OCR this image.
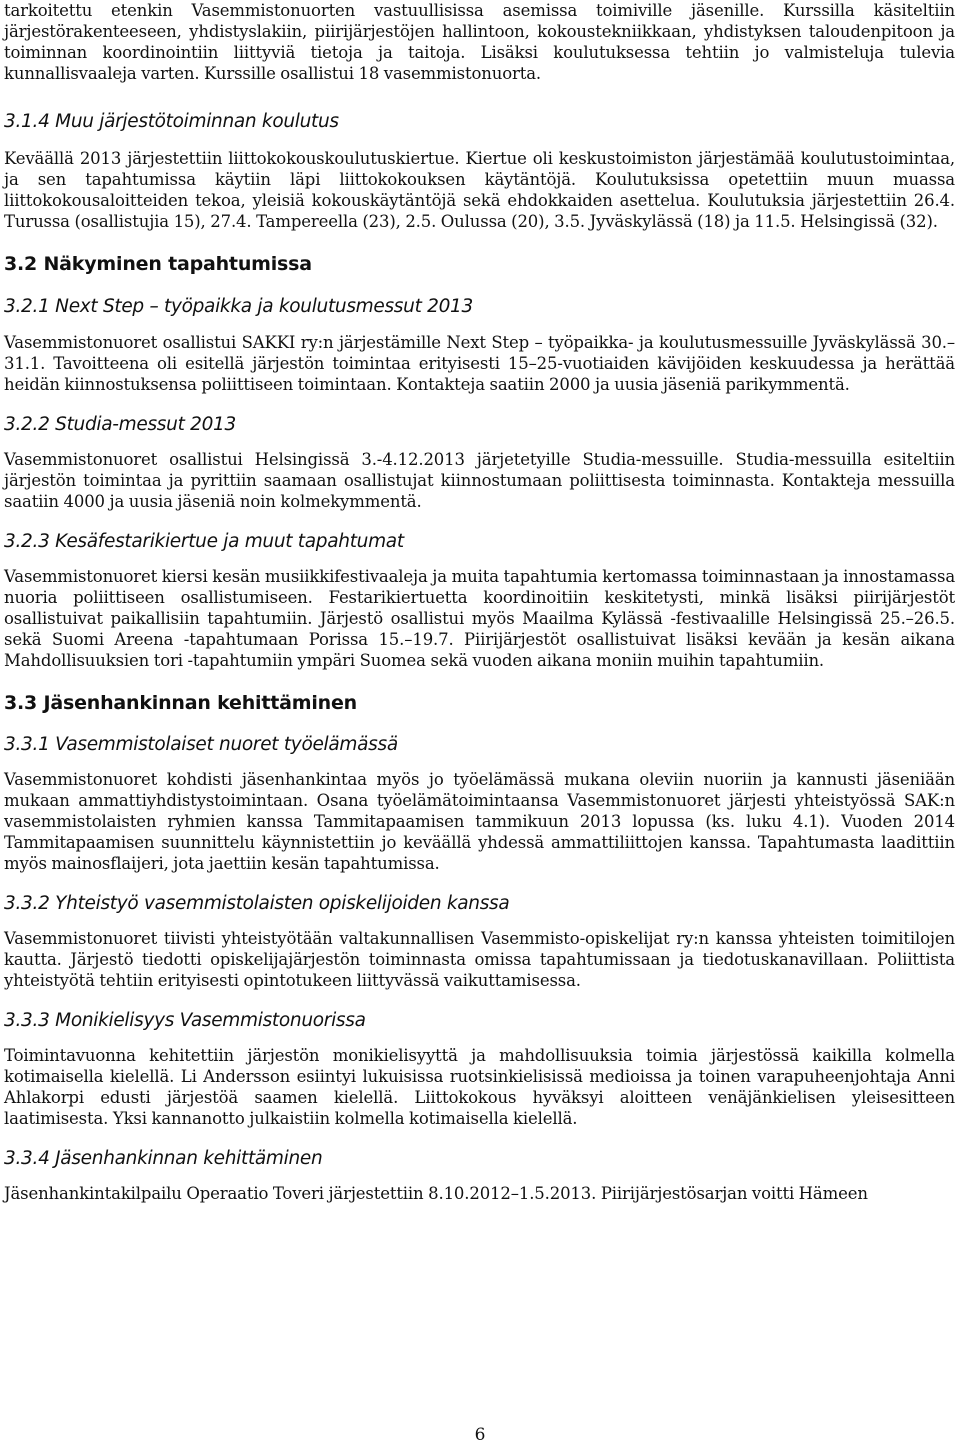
tarkoitettu etenkin Vasemmistonuorten vastuullisissa asemissa toimiville jäsenille. Kurssilla käsiteltiin järjestörakenteeseen, yhdistyslakiin, piirijärjestöjen hallintoon, kokoustekniikkaan, yhdistyksen taloudenpitoon ja toiminnan koordinointiin liittyviä tietoja ja taitoja. Lisäksi koulutuksessa tehtiin jo valmisteluja tulevia kunnallisvaaleja varten. Kurssille osallistui 18 vasemmistonuorta.

3.1.4 Muu järjestötoiminnan koulutus

Keväällä 2013 järjestettiin liittokokouskoulutuskiertue. Kiertue oli keskustoimiston järjestämää koulutustoimintaa, ja sen tapahtumissa käytiin läpi liittokokouksen käytäntöjä. Koulutuksissa opetettiin muun muassa liittokokousaloitteiden tekoa, yleisiä kokouskäytäntöjä sekä ehdokkaiden asettelua. Koulutuksia järjestettiin 26.4. Turussa (osallistujia 15), 27.4. Tampereella (23), 2.5. Oulussa (20), 3.5. Jyväskylässä (18) ja 11.5. Helsingissä (32).

3.2 Näkyminen tapahtumissa
3.2.1 Next Step – työpaikka ja koulutusmessut 2013

Vasemmistonuoret osallistui SAKKI ry:n järjestämille Next Step – työpaikka- ja koulutusmessuille Jyväskylässä 30.–31.1. Tavoitteena oli esitellä järjestön toimintaa erityisesti 15–25-vuotiaiden kävijöiden keskuudessa ja herättää heidän kiinnostuksensa poliittiseen toimintaan. Kontakteja saatiin 2000 ja uusia jäseniä parikymmentä.

3.2.2 Studia-messut 2013

Vasemmistonuoret osallistui Helsingissä 3.-4.12.2013 järjetetyille Studia-messuille. Studia-messuilla esiteltiin järjestön toimintaa ja pyrittiin saamaan osallistujat kiinnostumaan poliittisesta toiminnasta. Kontakteja messuilla saatiin 4000 ja uusia jäseniä noin kolmekymmentä.

3.2.3 Kesäfestarikiertue ja muut tapahtumat

Vasemmistonuoret kiersi kesän musiikkifestivaaleja ja muita tapahtumia kertomassa toiminnastaan ja innostamassa nuoria poliittiseen osallistumiseen. Festarikiertuetta koordinoitiin keskitetysti, minkä lisäksi piirijärjestöt osallistuivat paikallisiin tapahtumiin. Järjestö osallistui myös Maailma Kylässä -festivaalille Helsingissä 25.–26.5. sekä Suomi Areena -tapahtumaan Porissa 15.–19.7. Piirijärjestöt osallistuivat lisäksi kevään ja kesän aikana Mahdollisuuksien tori -tapahtumiin ympäri Suomea sekä vuoden aikana moniin muihin tapahtumiin.

3.3 Jäsenhankinnan kehittäminen
3.3.1 Vasemmistolaiset nuoret työelämässä

Vasemmistonuoret kohdisti jäsenhankintaa myös jo työelämässä mukana oleviin nuoriin ja kannusti jäseniään mukaan ammattiyhdistystoimintaan. Osana työelämätoimintaansa Vasemmistonuoret järjesti yhteistyössä SAK:n vasemmistolaisten ryhmien kanssa Tammitapaamisen tammikuun 2013 lopussa (ks. luku 4.1). Vuoden 2014 Tammitapaamisen suunnittelu käynnistettiin jo keväällä yhdessä ammattiliittojen kanssa. Tapahtumasta laadittiin myös mainosflaijeri, jota jaettiin kesän tapahtumissa.

3.3.2 Yhteistyö vasemmistolaisten opiskelijoiden kanssa

Vasemmistonuoret tiivisti yhteistyötään valtakunnallisen Vasemmisto-opiskelijat ry:n kanssa yhteisten toimitilojen kautta. Järjestö tiedotti opiskelijajärjestön toiminnasta omissa tapahtumissaan ja tiedotuskanavillaan. Poliittista yhteistyötä tehtiin erityisesti opintotukeen liittyvässä vaikuttamisessa.

3.3.3 Monikielisyys Vasemmistonuorissa

Toimintavuonna kehitettiin järjestön monikielisyyttä ja mahdollisuuksia toimia järjestössä kaikilla kolmella kotimaisella kielellä. Li Andersson esiintyi lukuisissa ruotsinkielisissä medioissa ja toinen varapuheenjohtaja Anni Ahlakorpi edusti järjestöä saamen kielellä. Liittokokous hyväksyi aloitteen venäjänkielisen yleisesitteen laatimisesta. Yksi kannanotto julkaistiin kolmella kotimaisella kielellä.

3.3.4 Jäsenhankinnan kehittäminen

Jäsenhankintakilpailu Operaatio Toveri järjestettiin 8.10.2012–1.5.2013. Piirijärjestösarjan voitti Hämeen

6
